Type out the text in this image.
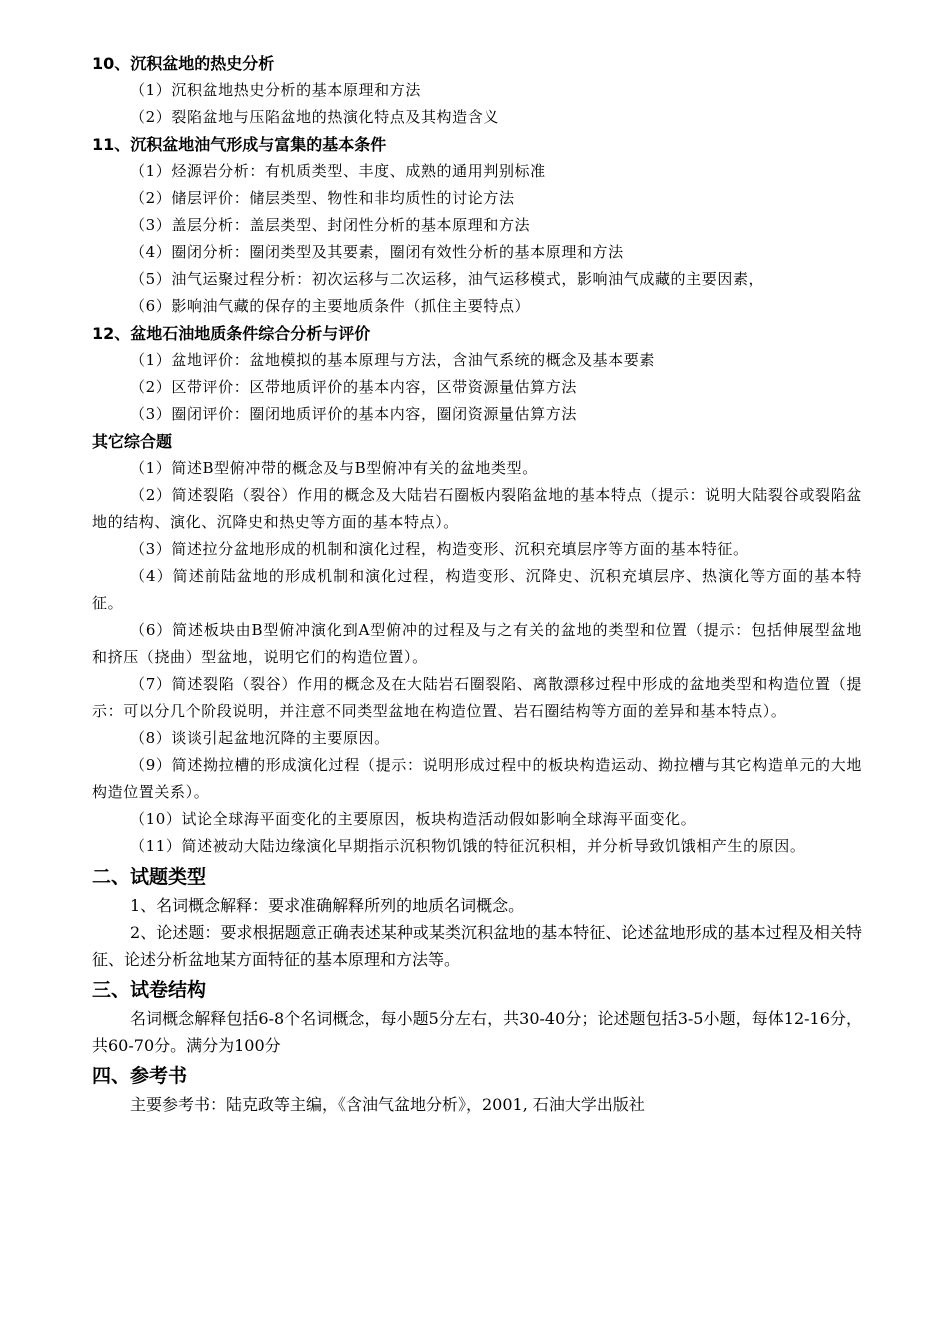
10、沉积盆地的热史分析
（1）沉积盆地热史分析的基本原理和方法
（2）裂陷盆地与压陷盆地的热演化特点及其构造含义
11、沉积盆地油气形成与富集的基本条件
（1）烃源岩分析：有机质类型、丰度、成熟的通用判别标准
（2）储层评价：储层类型、物性和非均质性的讨论方法
（3）盖层分析：盖层类型、封闭性分析的基本原理和方法
（4）圈闭分析：圈闭类型及其要素，圈闭有效性分析的基本原理和方法
（5）油气运聚过程分析：初次运移与二次运移，油气运移模式，影响油气成藏的主要因素，
（6）影响油气藏的保存的主要地质条件（抓住主要特点）
12、盆地石油地质条件综合分析与评价
（1）盆地评价：盆地模拟的基本原理与方法，含油气系统的概念及基本要素
（2）区带评价：区带地质评价的基本内容，区带资源量估算方法
（3）圈闭评价：圈闭地质评价的基本内容，圈闭资源量估算方法
其它综合题
（1）简述B型俯冲带的概念及与B型俯冲有关的盆地类型。
（2）简述裂陷（裂谷）作用的概念及大陆岩石圈板内裂陷盆地的基本特点（提示：说明大陆裂谷或裂陷盆地的结构、演化、沉降史和热史等方面的基本特点）。
（3）简述拉分盆地形成的机制和演化过程，构造变形、沉积充填层序等方面的基本特征。
（4）简述前陆盆地的形成机制和演化过程，构造变形、沉降史、沉积充填层序、热演化等方面的基本特征。
（6）简述板块由B型俯冲演化到A型俯冲的过程及与之有关的盆地的类型和位置（提示：包括伸展型盆地和挤压（挠曲）型盆地，说明它们的构造位置）。
（7）简述裂陷（裂谷）作用的概念及在大陆岩石圈裂陷、离散漂移过程中形成的盆地类型和构造位置（提示：可以分几个阶段说明，并注意不同类型盆地在构造位置、岩石圈结构等方面的差异和基本特点）。
（8）谈谈引起盆地沉降的主要原因。
（9）简述拗拉槽的形成演化过程（提示：说明形成过程中的板块构造运动、拗拉槽与其它构造单元的大地构造位置关系）。
（10）试论全球海平面变化的主要原因，板块构造活动假如影响全球海平面变化。
（11）简述被动大陆边缘演化早期指示沉积物饥饿的特征沉积相，并分析导致饥饿相产生的原因。
二、试题类型
1、名词概念解释：要求准确解释所列的地质名词概念。
2、论述题：要求根据题意正确表述某种或某类沉积盆地的基本特征、论述盆地形成的基本过程及相关特征、论述分析盆地某方面特征的基本原理和方法等。
三、试卷结构
名词概念解释包括6-8个名词概念，每小题5分左右，共30-40分；论述题包括3-5小题，每体12-16分，共60-70分。满分为100分
四、参考书
主要参考书：陆克政等主编，《含油气盆地分析》，2001, 石油大学出版社
